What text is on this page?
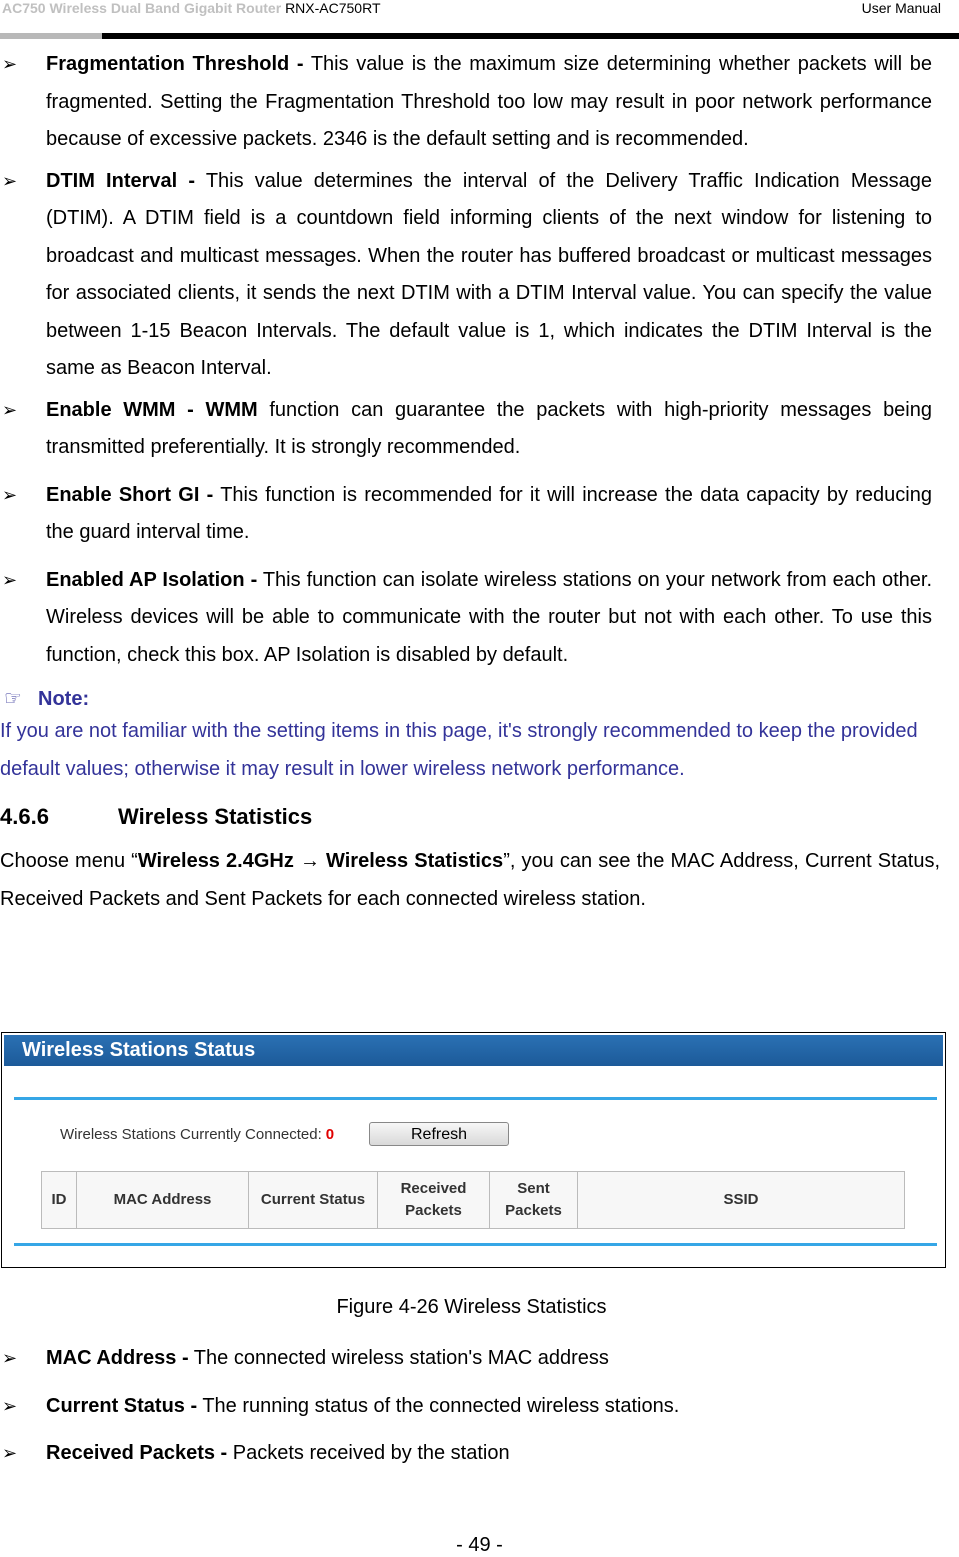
AC750 Wireless Dual Band Gigabit Router RNX-AC750RT	User Manual
➢ Fragmentation Threshold - This value is the maximum size determining whether packets will be fragmented. Setting the Fragmentation Threshold too low may result in poor network performance because of excessive packets. 2346 is the default setting and is recommended.
➢ DTIM Interval - This value determines the interval of the Delivery Traffic Indication Message (DTIM). A DTIM field is a countdown field informing clients of the next window for listening to broadcast and multicast messages. When the router has buffered broadcast or multicast messages for associated clients, it sends the next DTIM with a DTIM Interval value. You can specify the value between 1-15 Beacon Intervals. The default value is 1, which indicates the DTIM Interval is the same as Beacon Interval.
➢ Enable WMM - WMM function can guarantee the packets with high-priority messages being transmitted preferentially. It is strongly recommended.
➢ Enable Short GI - This function is recommended for it will increase the data capacity by reducing the guard interval time.
➢ Enabled AP Isolation - This function can isolate wireless stations on your network from each other. Wireless devices will be able to communicate with the router but not with each other. To use this function, check this box. AP Isolation is disabled by default.
☞ Note:
If you are not familiar with the setting items in this page, it's strongly recommended to keep the provided default values; otherwise it may result in lower wireless network performance.
4.6.6	Wireless Statistics
Choose menu “Wireless 2.4GHz → Wireless Statistics”, you can see the MAC Address, Current Status, Received Packets and Sent Packets for each connected wireless station.
Wireless Stations Status
Wireless Stations Currently Connected: 0	Refresh
ID	MAC Address	Current Status	Received Packets	Sent Packets	SSID
Figure 4-26 Wireless Statistics
➢ MAC Address - The connected wireless station's MAC address
➢ Current Status - The running status of the connected wireless stations.
➢ Received Packets - Packets received by the station
- 49 -
